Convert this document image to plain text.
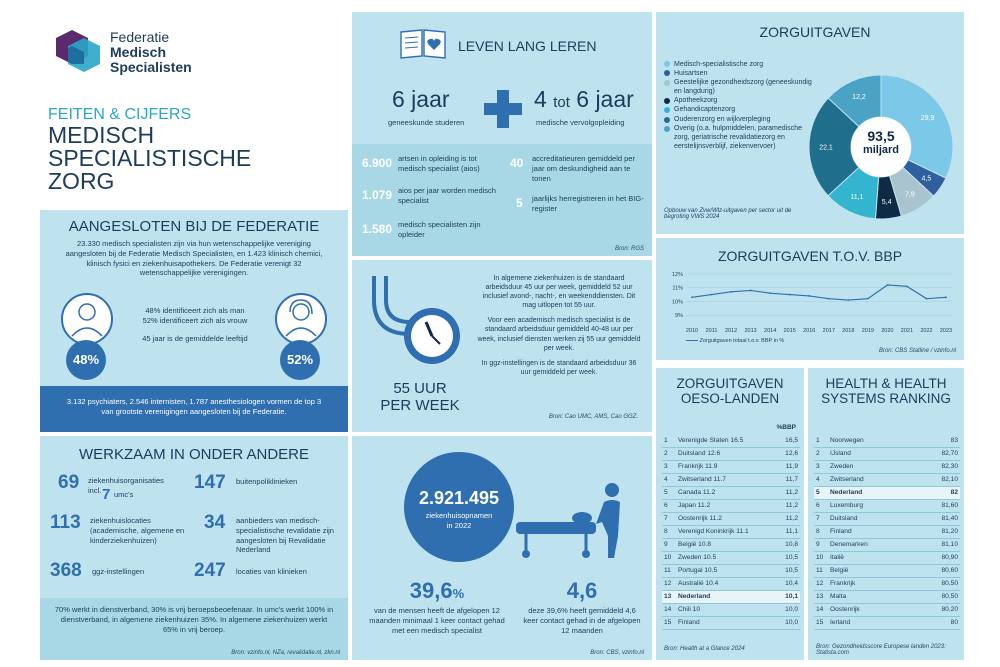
Federatie
Medisch
Specialisten
FEITEN & CIJFERS
MEDISCH
SPECIALISTISCHE
ZORG
AANGESLOTEN BIJ DE FEDERATIE
23.330 medisch specialisten zijn via hun wetenschappelijke vereniging aangesloten bij de Federatie Medisch Specialisten, en 1.423 klinisch chemici, klinisch fysici en ziekenhuisapothekers. De Federatie verenigt 32 wetenschappelijke verenigingen.
48%	52%
48% identificeert zich als man
52% identificeert zich als vrouw
45 jaar is de gemiddelde leeftijd
3.132 psychiaters, 2.546 internisten, 1.787 anesthesiologen vormen de top 3 van grootste verenigingen aangesloten bij de Federatie.
WERKZAAM IN ONDER ANDERE
69 ziekenhuisorganisaties incl. 7 umc's
147 buitenpoliklinieken
113 ziekenhuislocaties (academische, algemene en kinderziekenhuizen)
34 aanbieders van medisch-specialistische revalidatie zijn aangesloten bij Revalidatie Nederland
368 ggz-instellingen	247 locaties van klinieken
70% werkt in dienstverband, 30% is vrij beroepsbeoefenaar. In umc's werkt 100% in dienstverband, in algemene ziekenhuizen 35%. In algemene ziekenhuizen werkt 65% in vrij beroep.
Bron: vzinfo.nl, NZa, revalidatie.nl, zkn.nl
LEVEN LANG LEREN
6 jaar
geneeskunde studeren
4 tot 6 jaar
medische vervolgopleiding
6.900 artsen in opleiding is tot medisch specialist (aios)
1.079 aios per jaar worden medisch specialist
1.580 medisch specialisten zijn opleider
40 accreditatieuren gemiddeld per jaar om deskundigheid aan te tonen
5 jaarlijks herregistreren in het BIG-register
Bron: RGS
55 UUR
PER WEEK
In algemene ziekenhuizen is de standaard arbeidsduur 45 uur per week, gemiddeld 52 uur inclusief avond-, nacht-, en weekenddiensten. Dit mag uitlopen tot 55 uur.
Voor een academisch medisch specialist is de standaard arbeidsduur gemiddeld 40-48 uur per week, inclusief diensten werken zij 55 uur gemiddeld per week.
In ggz-instellingen is de standaard arbeidsduur 36 uur gemiddeld per week.
Bron: Cao UMC, AMS, Cao GGZ.
2.921.495
ziekenhuisopnamen
in 2022
39,6%
van de mensen heeft de afgelopen 12 maanden minimaal 1 keer contact gehad met een medisch specialist
4,6
deze 39,6% heeft gemiddeld 4,6 keer contact gehad in de afgelopen 12 maanden
Bron: CBS, vzinfo.nl
ZORGUITGAVEN
Medisch-specialistische zorg
Huisartsen
Geestelijke gezondheidszorg (geneeskundig en langdurig)
Apotheekzorg
Gehandicaptenzorg
Ouderenzorg en wijkverpleging
Overig (o.a. hulpmiddelen, paramedische zorg, geriatrische revalidatiezorg en eerstelijnsverblijf, ziekenvervoer)
Opbouw van Zvw/Wlz-uitgaven per sector uit de begroting VWS 2024
29,9
4,5
7,9
5,4
11,1
22,1
12,2
93,5
miljard
ZORGUITGAVEN T.O.V. BBP
12%
11%
10%
9%
2010 2011 2012 2013 2014 2015 2016 2017 2018 2019 2020 2021 2022 2023
Zorguitgaven totaal t.o.v. BBP in %
Bron: CBS Statline / vzinfo.nl
ZORGUITGAVEN
OESO-LANDEN
%BBP
1	Verenigde Staten 16.5	16,5
2	Duitsland 12.6	12,6
3	Frankrijk 11.9	11,9
4	Zwitserland 11.7	11,7
5	Canada 11.2	11,2
6	Japan 11.2	11,2
7	Oostenrijk 11.2	11,2
8	Verenigd Koninkrijk 11.1	11,1
9	België 10.8	10,8
10	Zweden 10.5	10,5
11	Portugal 10.5	10,5
12	Australië 10.4	10,4
13	Nederland	10,1
14	Chili 10	10,0
15	Finland	10,0
Bron: Health at a Glance 2024
HEALTH & HEALTH
SYSTEMS RANKING
1	Noorwegen	83
2	IJsland	82,70
3	Zweden	82,30
4	Zwitserland	82,10
5	Nederland	82
6	Luxemburg	81,60
7	Duitsland	81,40
8	Finland	81,20
9	Denemarken	81,10
10	Italië	80,90
11	België	80,60
12	Frankrijk	80,50
13	Malta	80,50
14	Oostenrijk	80,20
15	Ierland	80
Bron: Gezondheidsscore Europese landen 2023:
Statista.com
